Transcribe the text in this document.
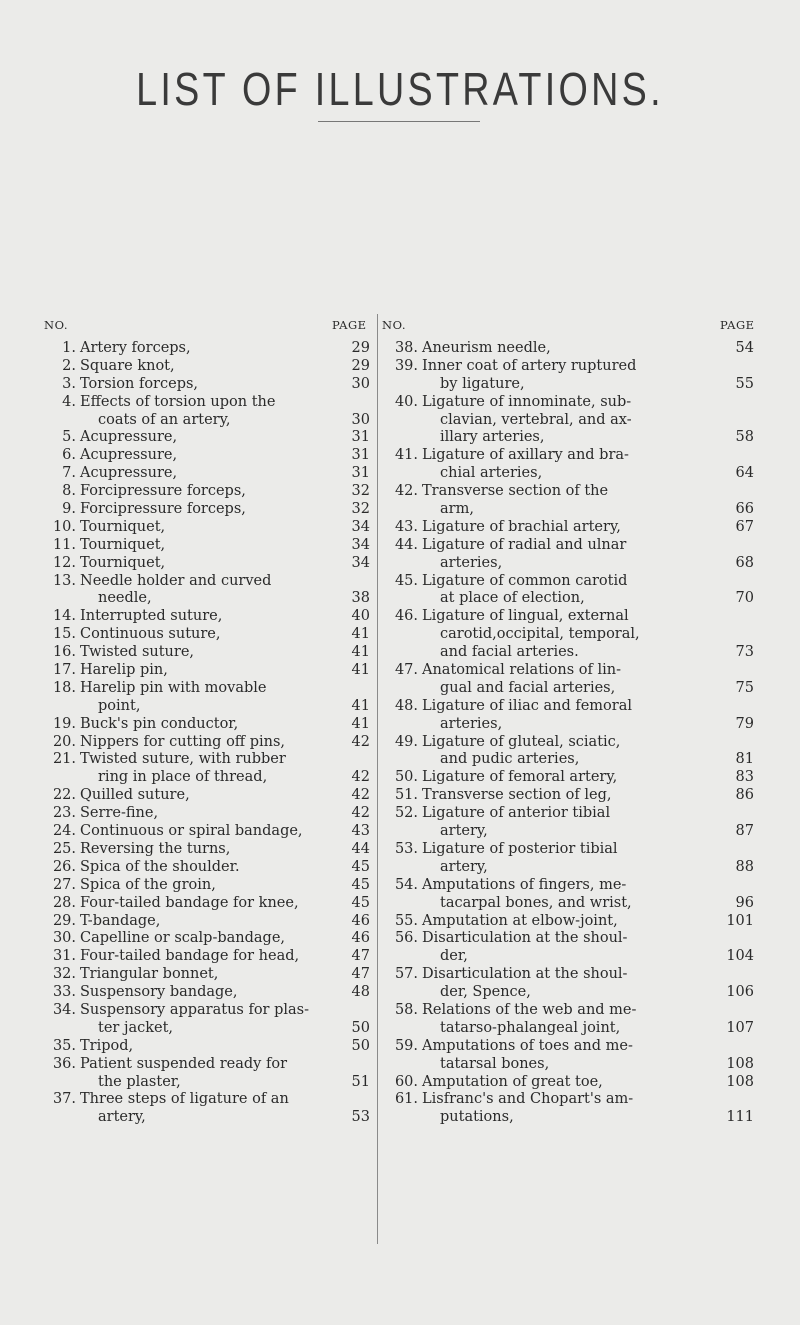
LIST OF ILLUSTRATIONS.
NO.	PAGE NO.	PAGE
1. Artery forceps,	29
2. Square knot,	29
3. Torsion forceps,	30
4. Effects of torsion upon the
coats of an artery,	30
5. Acupressure,	31
6. Acupressure,	31
7. Acupressure,	31
8. Forcipressure forceps,	32
9. Forcipressure forceps,	32
10. Tourniquet,	34
11. Tourniquet,	34
12. Tourniquet,	34
13. Needle holder and curved
needle,	38
14. Interrupted suture,	40
15. Continuous suture,	41
16. Twisted suture,	41
17. Harelip pin,	41
18. Harelip pin with movable
point,	41
19. Buck's pin conductor,	41
20. Nippers for cutting off pins,	42
21. Twisted suture, with rubber
ring in place of thread,	42
22. Quilled suture,	42
23. Serre-fine,	42
24. Continuous or spiral bandage,	43
25. Reversing the turns,	44
26. Spica of the shoulder.	45
27. Spica of the groin,	45
28. Four-tailed bandage for knee,	45
29. T-bandage,	46
30. Capelline or scalp-bandage,	46
31. Four-tailed bandage for head,	47
32. Triangular bonnet,	47
33. Suspensory bandage,	48
34. Suspensory apparatus for plas-
ter jacket,	50
35. Tripod,	50
36. Patient suspended ready for
the plaster,	51
37. Three steps of ligature of an
artery,	53
38. Aneurism needle,	54
39. Inner coat of artery ruptured
by ligature,	55
40. Ligature of innominate, sub-
clavian, vertebral, and ax-
illary arteries,	58
41. Ligature of axillary and bra-
chial arteries,	64
42. Transverse section of the
arm,	66
43. Ligature of brachial artery,	67
44. Ligature of radial and ulnar
arteries,	68
45. Ligature of common carotid
at place of election,	70
46. Ligature of lingual, external
carotid,occipital, temporal,
and facial arteries.	73
47. Anatomical relations of lin-
gual and facial arteries,	75
48. Ligature of iliac and femoral
arteries,	79
49. Ligature of gluteal, sciatic,
and pudic arteries,	81
50. Ligature of femoral artery,	83
51. Transverse section of leg,	86
52. Ligature of anterior tibial
artery,	87
53. Ligature of posterior tibial
artery,	88
54. Amputations of fingers, me-
tacarpal bones, and wrist,	96
55. Amputation at elbow-joint,	101
56. Disarticulation at the shoul-
der,	104
57. Disarticulation at the shoul-
der, Spence,	106
58. Relations of the web and me-
tatarso-phalangeal joint,	107
59. Amputations of toes and me-
tatarsal bones,	108
60. Amputation of great toe,	108
61. Lisfranc's and Chopart's am-
putations,	111
